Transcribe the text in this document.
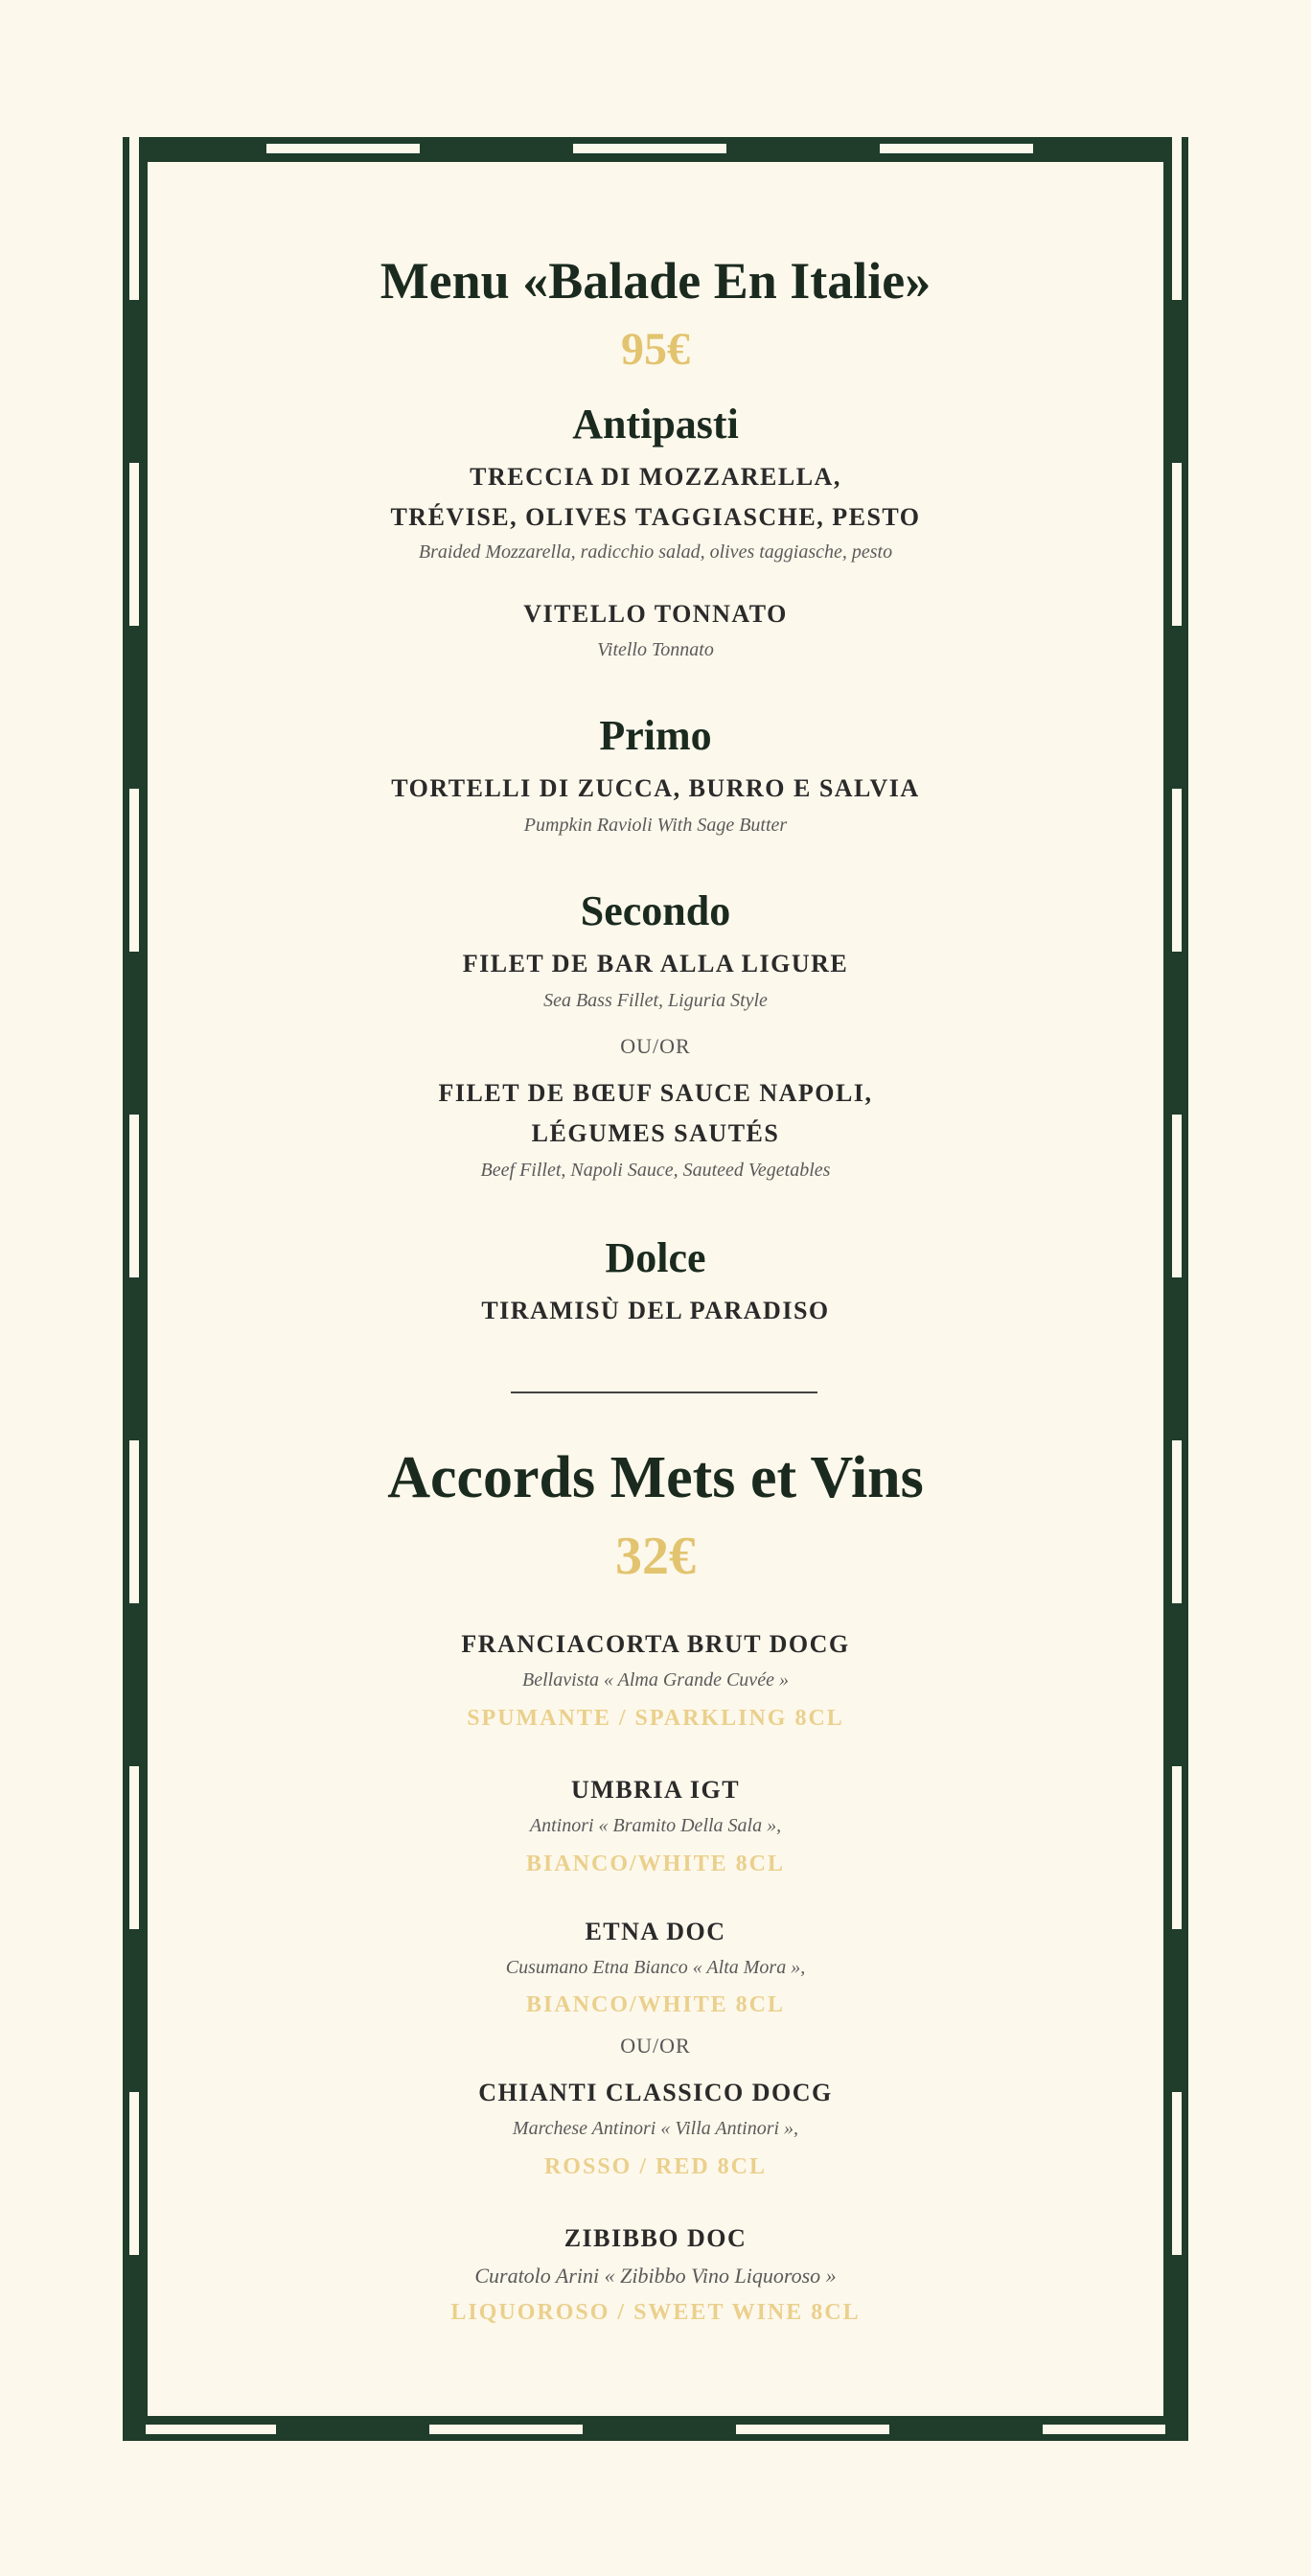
Menu «Balade En Italie»
95€
Antipasti
TRECCIA DI MOZZARELLA,
TRÉVISE, OLIVES TAGGIASCHE, PESTO
Braided Mozzarella, radicchio salad, olives taggiasche, pesto
VITELLO TONNATO
Vitello Tonnato
Primo
TORTELLI DI ZUCCA, BURRO E SALVIA
Pumpkin Ravioli With Sage Butter
Secondo
FILET DE BAR ALLA LIGURE
Sea Bass Fillet, Liguria Style
OU/OR
FILET DE BŒUF SAUCE NAPOLI,
LÉGUMES SAUTÉS
Beef Fillet, Napoli Sauce, Sauteed Vegetables
Dolce
TIRAMISÙ DEL PARADISO
Accords Mets et Vins
32€
FRANCIACORTA BRUT DOCG
Bellavista « Alma Grande Cuvée »
SPUMANTE / SPARKLING 8CL
UMBRIA IGT
Antinori « Bramito Della Sala »,
BIANCO/WHITE 8CL
ETNA DOC
Cusumano Etna Bianco « Alta Mora »,
BIANCO/WHITE 8CL
OU/OR
CHIANTI CLASSICO DOCG
Marchese Antinori « Villa Antinori »,
ROSSO / RED 8CL
ZIBIBBO DOC
Curatolo Arini « Zibibbo Vino Liquoroso »
LIQUOROSO / SWEET WINE 8CL
